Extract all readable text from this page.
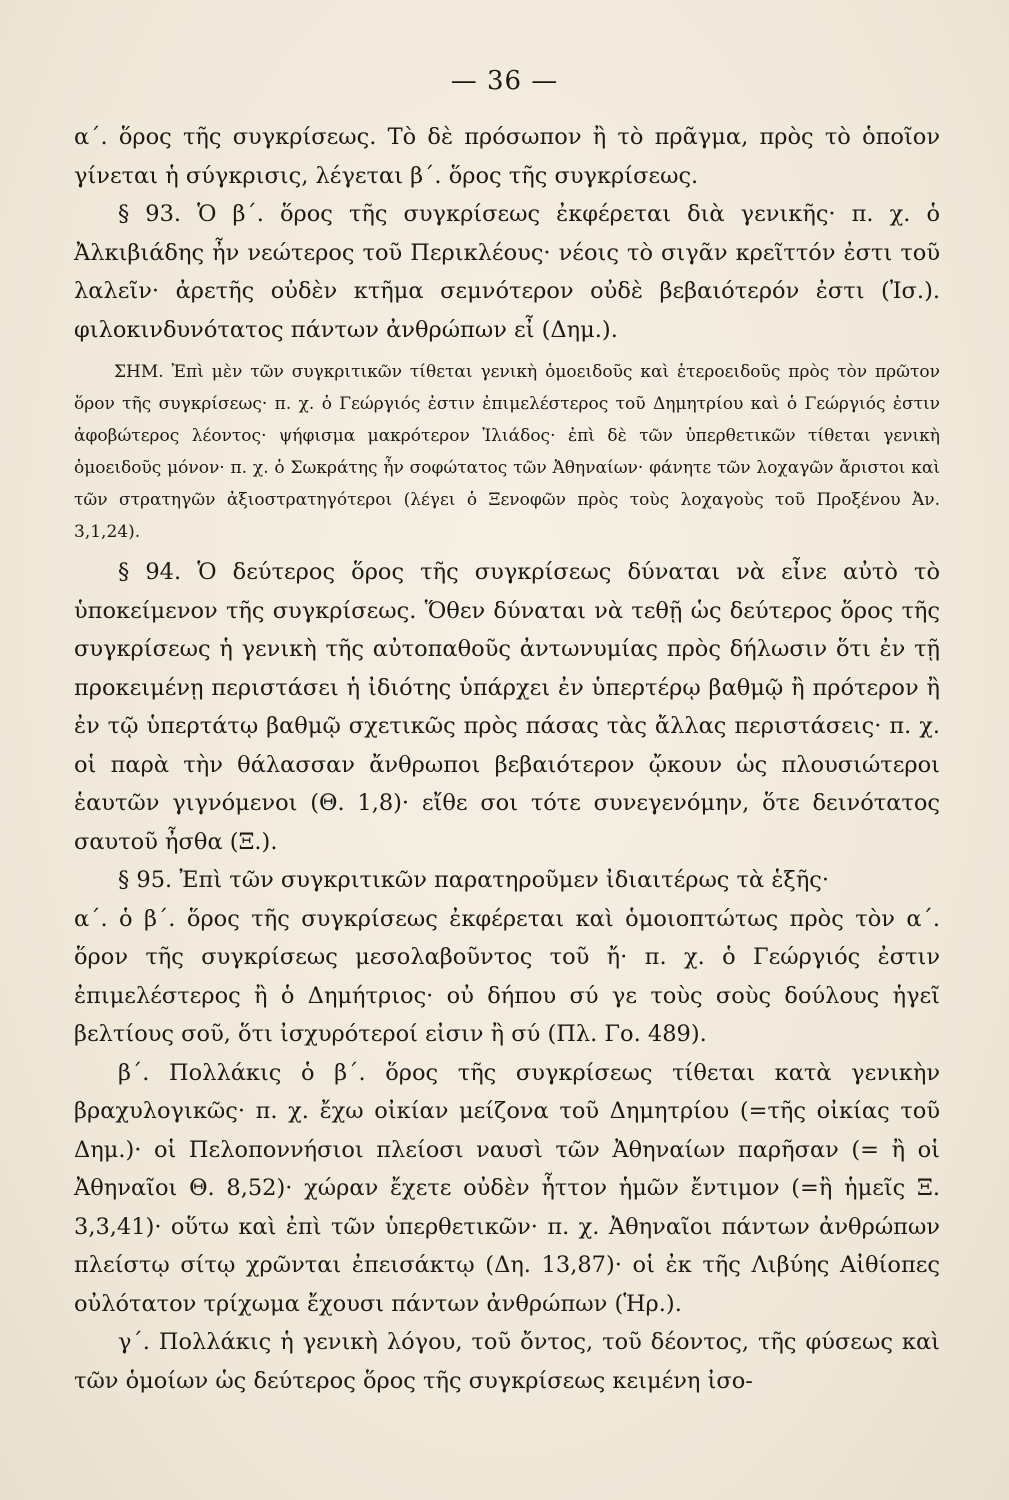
— 36 —

α΄. ὅρος τῆς συγκρίσεως. Τὸ δὲ πρόσωπον ἢ τὸ πρᾶγμα, πρὸς τὸ ὁποῖον γίνεται ἡ σύγκρισις, λέγεται β΄. ὅρος τῆς συγκρίσεως.

§ 93. Ὁ β΄. ὅρος τῆς συγκρίσεως ἐκφέρεται διὰ γενικῆς· π. χ. ὁ Ἀλκιβιάδης ἦν νεώτερος τοῦ Περικλέους· νέοις τὸ σιγᾶν κρεῖττόν ἐστι τοῦ λαλεῖν· ἀρετῆς οὐδὲν κτῆμα σεμνότερον οὐδὲ βεβαιότερόν ἐστι (Ἰσ.). φιλοκινδυνότατος πάντων ἀνθρώπων εἶ (Δημ.).

ΣΗΜ. Ἐπὶ μὲν τῶν συγκριτικῶν τίθεται γενικὴ ὁμοειδοῦς καὶ ἑτεροειδοῦς πρὸς τὸν πρῶτον ὅρον τῆς συγκρίσεως· π. χ. ὁ Γεώργιός ἐστιν ἐπιμελέστερος τοῦ Δημητρίου καὶ ὁ Γεώργιός ἐστιν ἀφοβώτερος λέοντος· ψήφισμα μακρότερον Ἰλιάδος· ἐπὶ δὲ τῶν ὑπερθετικῶν τίθεται γενικὴ ὁμοειδοῦς μόνον· π. χ. ὁ Σωκράτης ἦν σοφώτατος τῶν Ἀθηναίων· φάνητε τῶν λοχαγῶν ἄριστοι καὶ τῶν στρατηγῶν ἀξιοστρατηγότεροι (λέγει ὁ Ξενοφῶν πρὸς τοὺς λοχαγοὺς τοῦ Προξένου Ἀν. 3,1,24).

§ 94. Ὁ δεύτερος ὅρος τῆς συγκρίσεως δύναται νὰ εἶνε αὐτὸ τὸ ὑποκείμενον τῆς συγκρίσεως. Ὅθεν δύναται νὰ τεθῇ ὡς δεύτερος ὅρος τῆς συγκρίσεως ἡ γενικὴ τῆς αὐτοπαθοῦς ἀντωνυμίας πρὸς δήλωσιν ὅτι ἐν τῇ προκειμένῃ περιστάσει ἡ ἰδιότης ὑπάρχει ἐν ὑπερτέρῳ βαθμῷ ἢ πρότερον ἢ ἐν τῷ ὑπερτάτῳ βαθμῷ σχετικῶς πρὸς πάσας τὰς ἄλλας περιστάσεις· π. χ. οἱ παρὰ τὴν θάλασσαν ἄνθρωποι βεβαιότερον ᾤκουν ὡς πλουσιώτεροι ἑαυτῶν γιγνόμενοι (Θ. 1,8)· εἴθε σοι τότε συνεγενόμην, ὅτε δεινότατος σαυτοῦ ἦσθα (Ξ.).

§ 95. Ἐπὶ τῶν συγκριτικῶν παρατηροῦμεν ἰδιαιτέρως τὰ ἑξῆς·

α΄. ὁ β΄. ὅρος τῆς συγκρίσεως ἐκφέρεται καὶ ὁμοιοπτώτως πρὸς τὸν α΄. ὅρον τῆς συγκρίσεως μεσολαβοῦντος τοῦ ἤ· π. χ. ὁ Γεώργιός ἐστιν ἐπιμελέστερος ἢ ὁ Δημήτριος· οὐ δήπου σύ γε τοὺς σοὺς δούλους ἡγεῖ βελτίους σοῦ, ὅτι ἰσχυρότεροί εἰσιν ἢ σύ (Πλ. Γο. 489).

β΄. Πολλάκις ὁ β΄. ὅρος τῆς συγκρίσεως τίθεται κατὰ γενικὴν βραχυλογικῶς· π. χ. ἔχω οἰκίαν μείζονα τοῦ Δημητρίου (=τῆς οἰκίας τοῦ Δημ.)· οἱ Πελοποννήσιοι πλείοσι ναυσὶ τῶν Ἀθηναίων παρῆσαν (= ἢ οἱ Ἀθηναῖοι Θ. 8,52)· χώραν ἔχετε οὐδὲν ἧττον ἡμῶν ἔντιμον (=ἢ ἡμεῖς Ξ. 3,3,41)· οὕτω καὶ ἐπὶ τῶν ὑπερθετικῶν· π. χ. Ἀθηναῖοι πάντων ἀνθρώπων πλείστῳ σίτῳ χρῶνται ἐπεισάκτῳ (Δη. 13,87)· οἱ ἐκ τῆς Λιβύης Αἰθίοπες οὐλότατον τρίχωμα ἔχουσι πάντων ἀνθρώπων (Ἡρ.).

γ΄. Πολλάκις ἡ γενικὴ λόγου, τοῦ ὄντος, τοῦ δέοντος, τῆς φύσεως καὶ τῶν ὁμοίων ὡς δεύτερος ὅρος τῆς συγκρίσεως κειμένη ἰσο-
